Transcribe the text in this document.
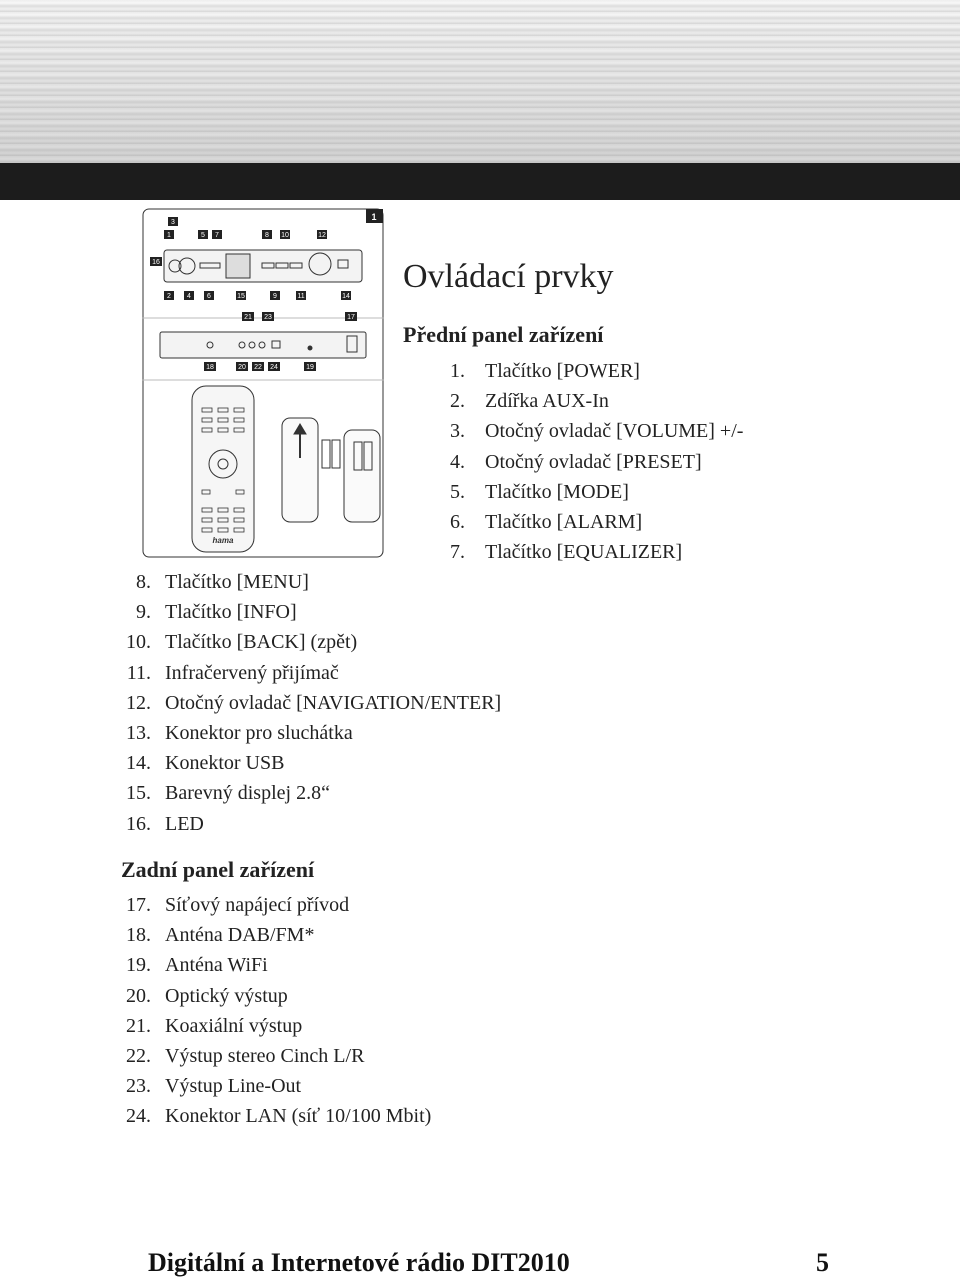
1
3
1	5 7	8 10	12
16
2 4 6	15	9	11	14
21 23	17
18	20 22 24	19
hama
Ovládací prvky
Přední panel zařízení
1. Tlačítko [POWER]
2. Zdířka AUX-In
3. Otočný ovladač [VOLUME] +/-
4. Otočný ovladač [PRESET]
5. Tlačítko [MODE]
6. Tlačítko [ALARM]
7. Tlačítko [EQUALIZER]
8. Tlačítko [MENU]
9. Tlačítko [INFO]
10. Tlačítko [BACK] (zpět)
11. Infračervený přijímač
12. Otočný ovladač [NAVIGATION/ENTER]
13. Konektor pro sluchátka
14. Konektor USB
15. Barevný displej 2.8“
16. LED
Zadní panel zařízení
17. Síťový napájecí přívod
18. Anténa DAB/FM*
19. Anténa WiFi
20. Optický výstup
21. Koaxiální výstup
22. Výstup stereo Cinch L/R
23. Výstup Line-Out
24. Konektor LAN (síť 10/100 Mbit)
Digitální a Internetové rádio DIT2010	5
